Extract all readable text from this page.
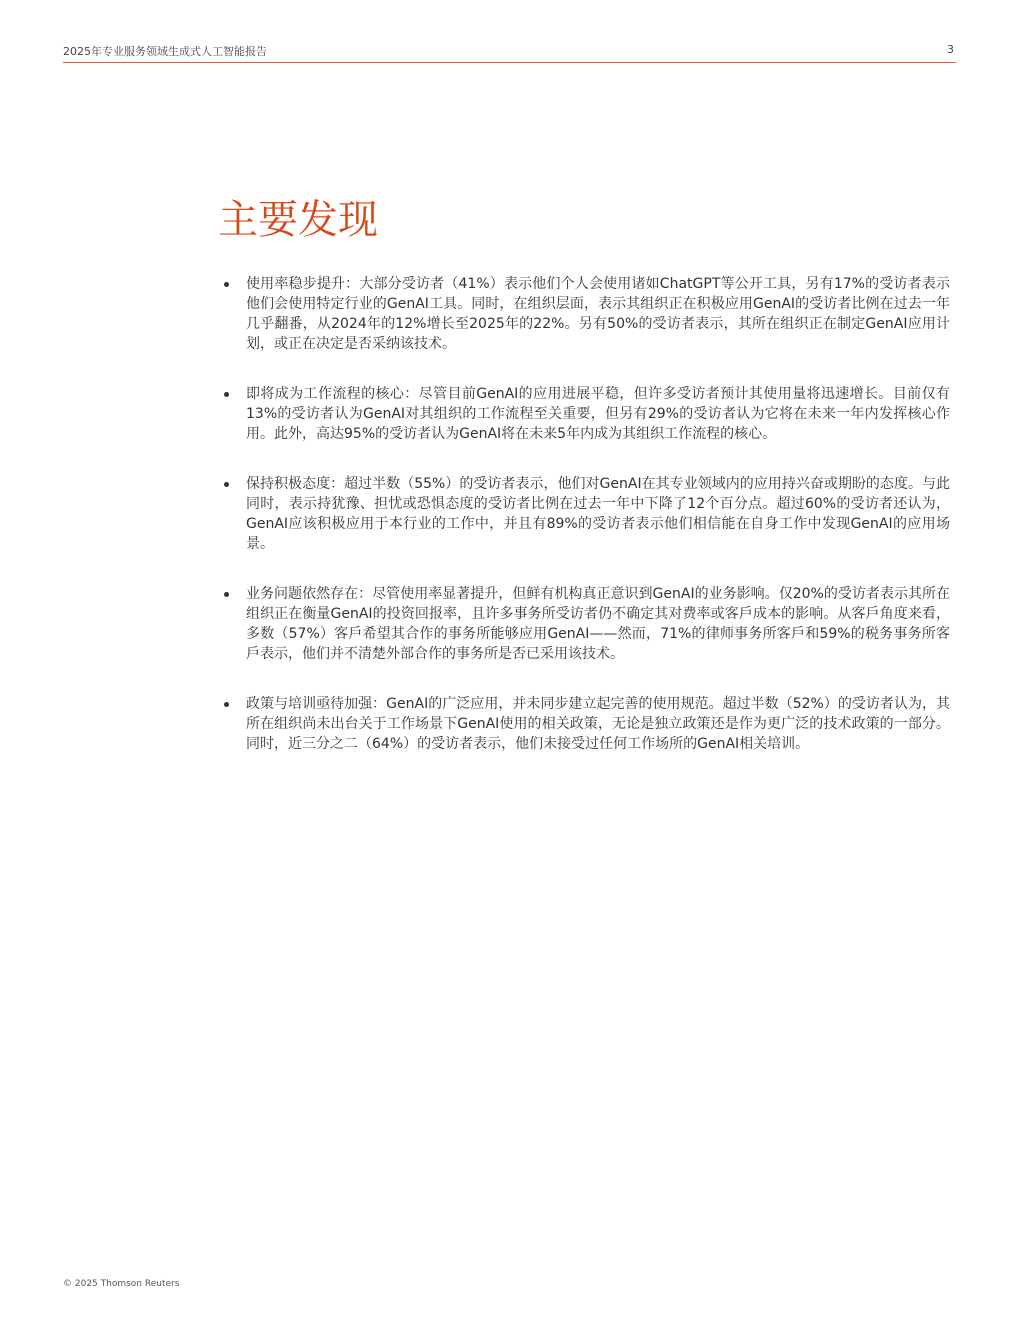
2025年专业服务领域生成式人工智能报告	3
主要发现
使用率稳步提升：大部分受访者（41%）表示他们个人会使用诸如ChatGPT等公开工具，另有17%的受访者表示他们会使用特定行业的GenAI工具。同时，在组织层面，表示其组织正在积极应用GenAI的受访者比例在过去一年几乎翻番，从2024年的12%增长至2025年的22%。另有50%的受访者表示，其所在组织正在制定GenAI应用计划，或正在决定是否采纳该技术。
即将成为工作流程的核心：尽管目前GenAI的应用进展平稳，但许多受访者预计其使用量将迅速增长。目前仅有13%的受访者认为GenAI对其组织的工作流程至关重要，但另有29%的受访者认为它将在未来一年内发挥核心作用。此外，高达95%的受访者认为GenAI将在未来5年内成为其组织工作流程的核心。
保持积极态度：超过半数（55%）的受访者表示，他们对GenAI在其专业领域内的应用持兴奋或期盼的态度。与此同时，表示持犹豫、担忧或恐惧态度的受访者比例在过去一年中下降了12个百分点。超过60%的受访者还认为，GenAI应该积极应用于本行业的工作中，并且有89%的受访者表示他们相信能在自身工作中发现GenAI的应用场景。
业务问题依然存在：尽管使用率显著提升，但鲜有机构真正意识到GenAI的业务影响。仅20%的受访者表示其所在组织正在衡量GenAI的投资回报率，且许多事务所受访者仍不确定其对费率或客戶成本的影响。从客戶角度来看，多数（57%）客戶希望其合作的事务所能够应用GenAI——然而，71%的律师事务所客戶和59%的税务事务所客戶表示，他们并不清楚外部合作的事务所是否已采用该技术。
政策与培训亟待加强：GenAI的广泛应用，并未同步建立起完善的使用规范。超过半数（52%）的受访者认为，其所在组织尚未出台关于工作场景下GenAI使用的相关政策，无论是独立政策还是作为更广泛的技术政策的一部分。同时，近三分之二（64%）的受访者表示，他们未接受过任何工作场所的GenAI相关培训。
© 2025 Thomson Reuters
